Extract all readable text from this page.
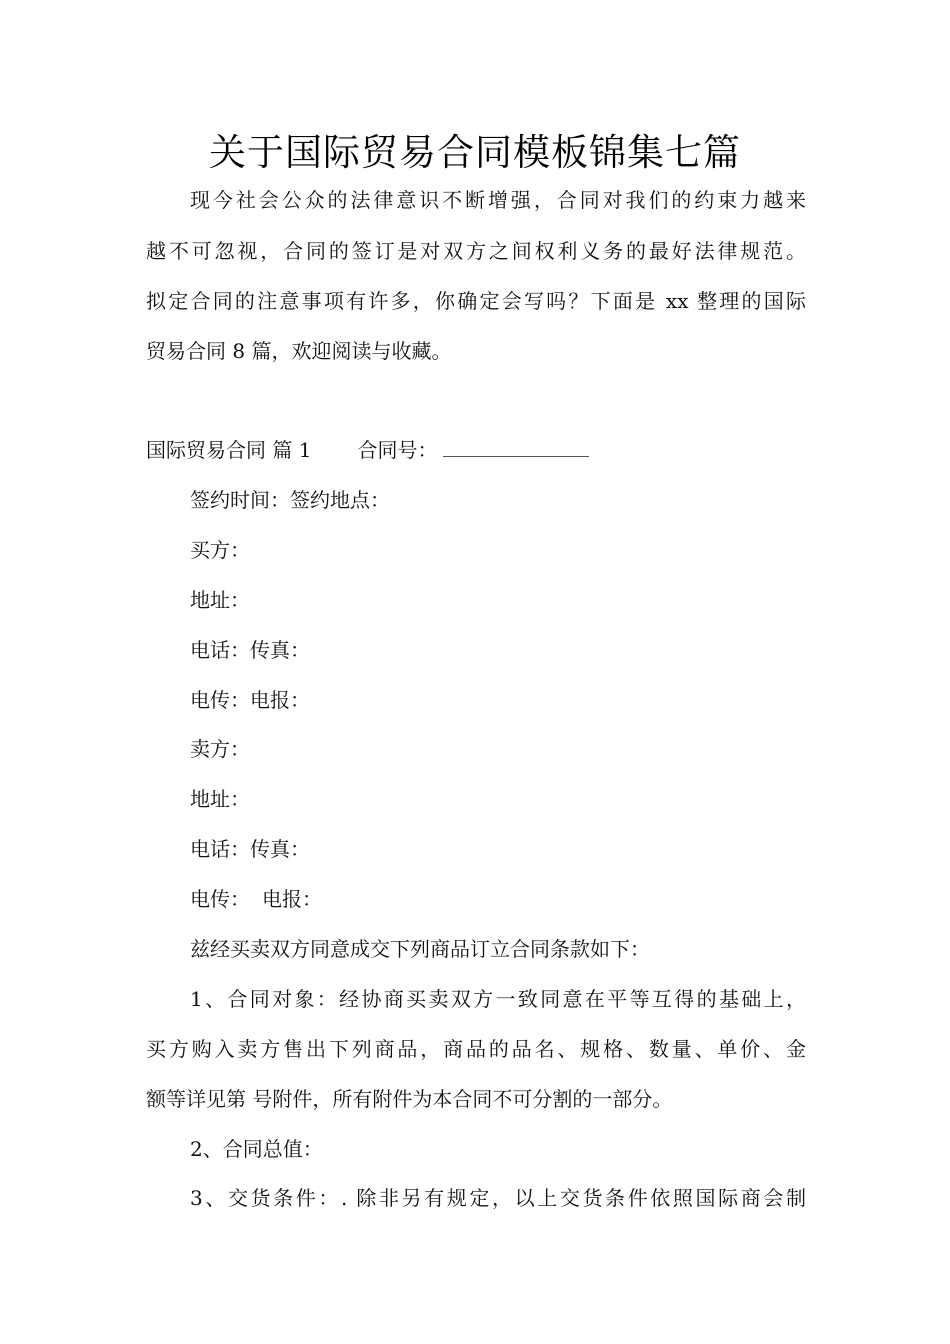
关于国际贸易合同模板锦集七篇
现今社会公众的法律意识不断增强，合同对我们的约束力越来
越不可忽视，合同的签订是对双方之间权利义务的最好法律规范。
拟定合同的注意事项有许多，你确定会写吗？下面是 xx 整理的国际
贸易合同 8 篇，欢迎阅读与收藏。
国际贸易合同 篇 1 合同号：
签约时间：签约地点：
买方：
地址：
电话：传真：
电传：电报：
卖方：
地址：
电话：传真：
电传： 电报：
兹经买卖双方同意成交下列商品订立合同条款如下：
1、合同对象：经协商买卖双方一致同意在平等互得的基础上，
买方购入卖方售出下列商品，商品的品名、规格、数量、单价、金
额等详见第 号附件，所有附件为本合同不可分割的一部分。
2、合同总值：
3、交货条件：. 除非另有规定，以上交货条件依照国际商会制
